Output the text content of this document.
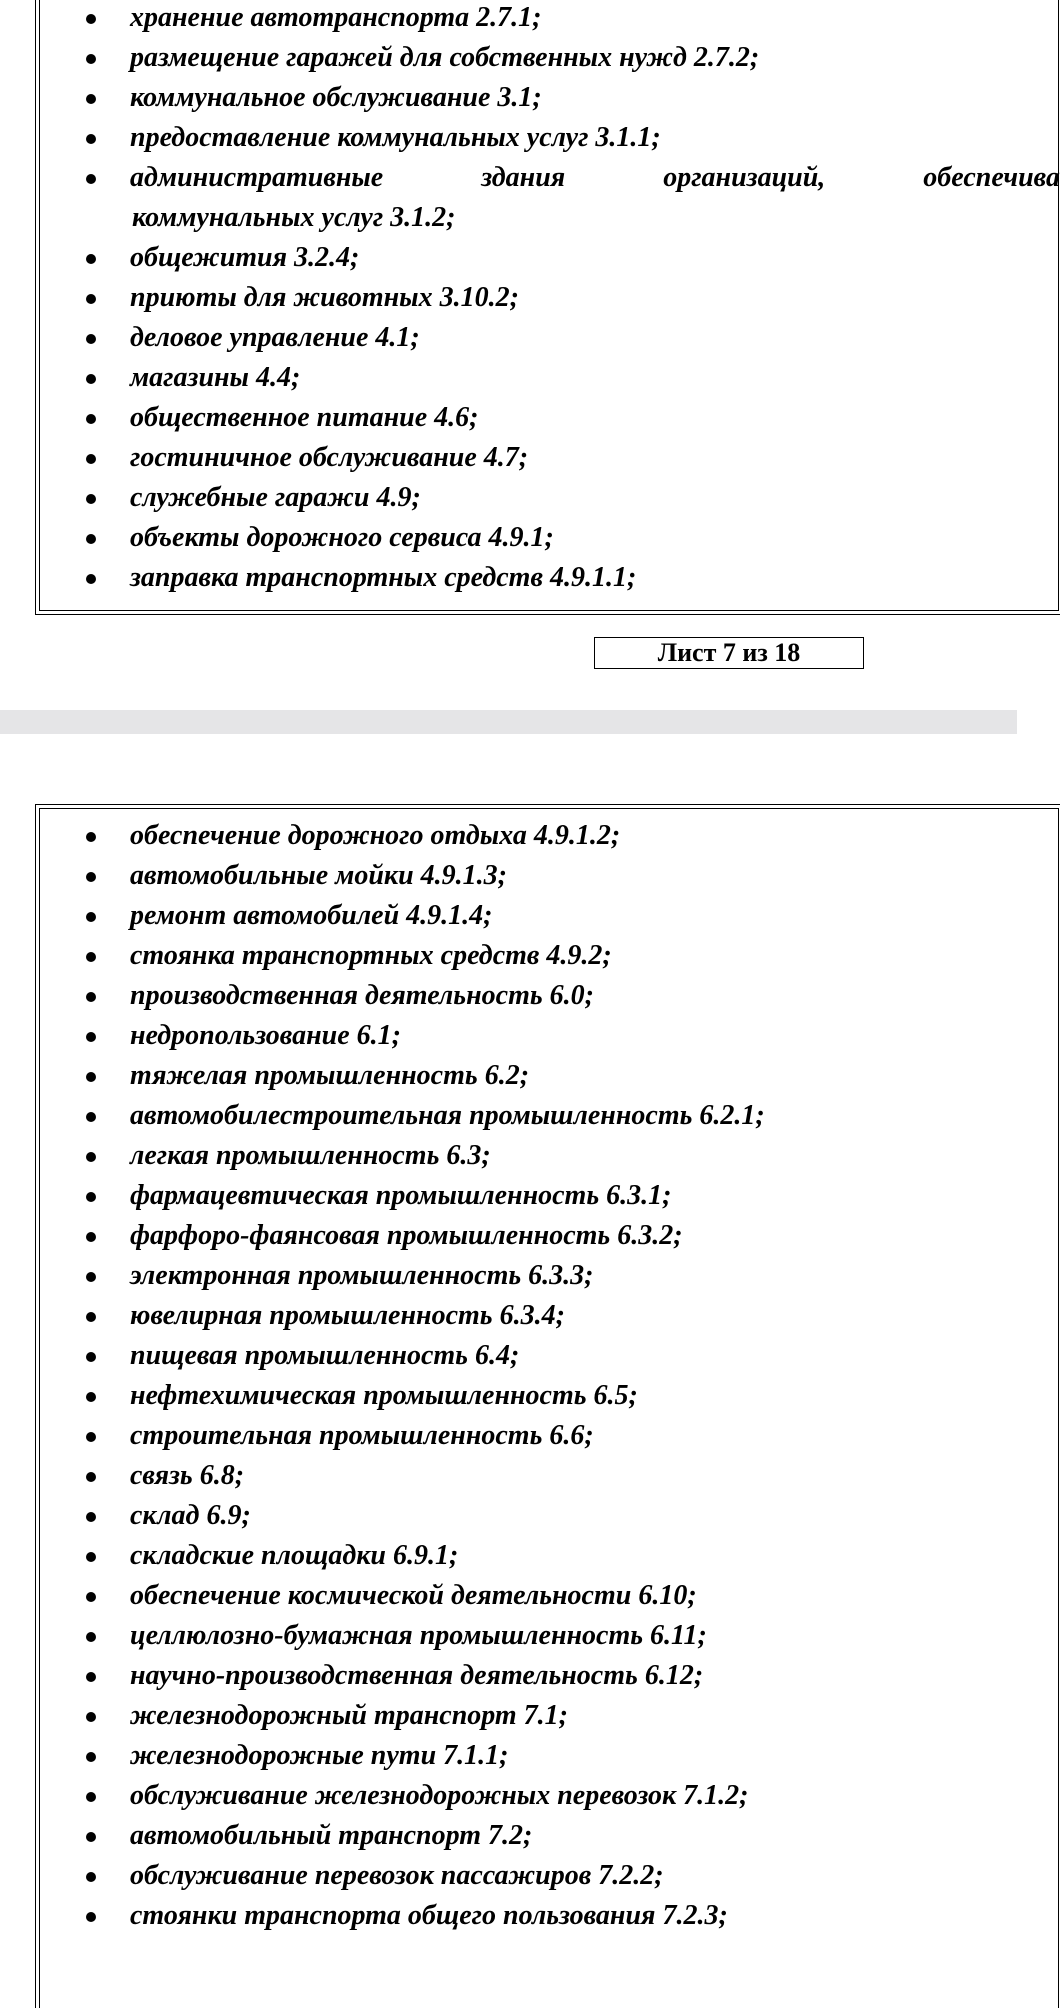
хранение автотранспорта 2.7.1;
размещение гаражей для собственных нужд 2.7.2;
коммунальное обслуживание 3.1;
предоставление коммунальных услуг 3.1.1;
административные	здания	организаций,	обеспечива
коммунальных услуг 3.1.2;
общежития 3.2.4;
приюты для животных 3.10.2;
деловое управление 4.1;
магазины 4.4;
общественное питание 4.6;
гостиничное обслуживание 4.7;
служебные гаражи 4.9;
объекты дорожного сервиса 4.9.1;
заправка транспортных средств 4.9.1.1;
Лист 7 из 18
обеспечение дорожного отдыха 4.9.1.2;
автомобильные мойки 4.9.1.3;
ремонт автомобилей 4.9.1.4;
стоянка транспортных средств 4.9.2;
производственная деятельность 6.0;
недропользование 6.1;
тяжелая промышленность 6.2;
автомобилестроительная промышленность 6.2.1;
легкая промышленность 6.3;
фармацевтическая промышленность 6.3.1;
фарфоро-фаянсовая промышленность 6.3.2;
электронная промышленность 6.3.3;
ювелирная промышленность 6.3.4;
пищевая промышленность 6.4;
нефтехимическая промышленность 6.5;
строительная промышленность 6.6;
связь 6.8;
склад 6.9;
складские площадки 6.9.1;
обеспечение космической деятельности 6.10;
целлюлозно-бумажная промышленность 6.11;
научно-производственная деятельность 6.12;
железнодорожный транспорт 7.1;
железнодорожные пути 7.1.1;
обслуживание железнодорожных перевозок 7.1.2;
автомобильный транспорт 7.2;
обслуживание перевозок пассажиров 7.2.2;
стоянки транспорта общего пользования 7.2.3;
